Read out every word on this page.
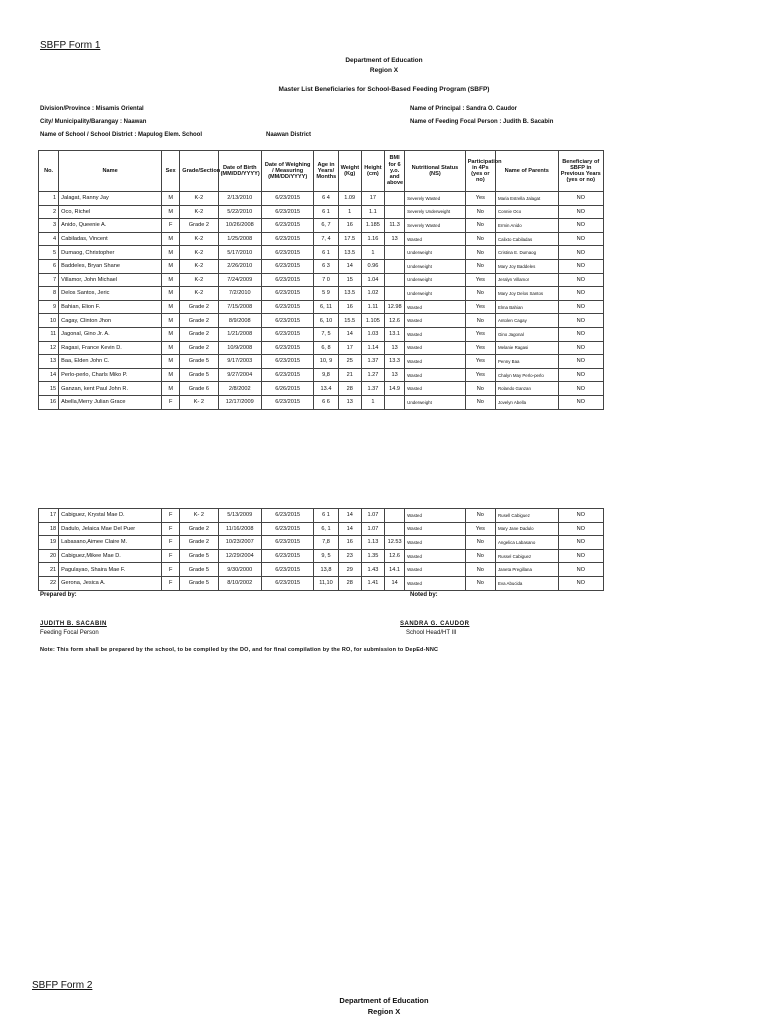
SBFP Form 1
Department of Education
Region X
Master List Beneficiaries for School-Based Feeding Program (SBFP)
Division/Province : Misamis Oriental
City/ Municipality/Barangay : Naawan
Name of School / School District : Mapulog Elem. School	Naawan District
Name of Principal : Sandra O. Caudor
Name of Feeding Focal Person : Judith B. Sacabin
No.	Name	Sex	Grade/Section	Date of Birth (MM/DD/YYYY)	Date of Weighing / Measuring (MM/DD/YYYY)	Age in Years/ Months	Weight (Kg)	Height (cm)	BMI for 6 y.o. and above	Nutritional Status (NS)	Participation in 4Ps (yes or no)	Name of Parents	Beneficiary of SBFP in Previous Years (yes or no)
1	Jalagat, Ranny Jay	M	K-2	2/13/2010	6/23/2015	6 4	1.09	17		Severely Wasted	Yes	Maria Estrella Jalagat	NO
2	Oco, Richel	M	K-2	5/22/2010	6/23/2015	6 1	1	1.1		Severely Underweight	No	Connie Oco	NO
3	Anido, Queenie A.	F	Grade 2	10/26/2008	6/23/2015	6, 7	16	1.185	11.3	Severely Wasted	No	Ermin Anido	NO
4	Cabiladas, Vincent	M	K-2	1/25/2008	6/23/2015	7, 4	17.5	1.16	13	Wasted	No	Calixto Cabiladas	NO
5	Dumaog, Christopher	M	K-2	5/17/2010	6/23/2015	6 1	13.5	1		Underweight	No	Cristina E. Dumaog	NO
6	Baddeles, Bryan Shane	M	K-2	2/26/2010	6/23/2015	6 3	14	0.96		Underweight	No	Mary Joy Baddeles	NO
7	Villamor, John Michael	M	K-2	7/24/2009	6/23/2015	7 0	15	1.04		Underweight	Yes	Jeralyn Villamor	NO
8	Delos Santos, Jeric	M	K-2	7/2/2010	6/23/2015	5 9	13.5	1.02		Underweight	No	Mary Joy Delos Santos	NO
9	Bahian, Elion F.	M	Grade 2	7/15/2008	6/23/2015	6, 11	16	1.11	12.98	Wasted	Yes	Elma Bahian	NO
10	Cagay, Clinton Jhon	M	Grade 2	8/9/2008	6/23/2015	6, 10	15.5	1.105	12.6	Wasted	No	Antolen Cagay	NO
11	Jagonal, Gino Jr. A.	M	Grade 2	1/21/2008	6/23/2015	7, 5	14	1.03	13.1	Wasted	Yes	Gino Jagonal	NO
12	Ragasi, France Kevin D.	M	Grade 2	10/9/2008	6/23/2015	6, 8	17	1.14	13	Wasted	Yes	Melanie Ragasi	NO
13	Baa, Elden John C.	M	Grade 5	9/17/2003	6/23/2015	10, 9	25	1.37	13.3	Wasted	Yes	Penny Baa	NO
14	Perlo-perlo, Charls Miko P.	M	Grade 5	9/27/2004	6/23/2015	9,8	21	1.27	13	Wasted	Yes	Chalyn May Perlo-perlo	NO
15	Ganzan, kent Paul John R.	M	Grade 6	2/8/2002	6/26/2015	13.4	28	1.37	14.9	Wasted	No	Rolando Ganzan	NO
16	Abella,Merry Julian Grace	F	K- 2	12/17/2009	6/23/2015	6 6	13	1		Underweight	No	Jovelyn Abella	NO
17	Cabiguez, Krystal Mae D.	F	K- 2	5/13/2009	6/23/2015	6 1	14	1.07		Wasted	No	Rusell Cabiguez	NO
18	Dadulo, Jelaica Mae Del Puer	F	Grade 2	11/16/2008	6/23/2015	6, 1	14	1.07		Wasted	Yes	Mary Jane Dadulo	NO
19	Labasano,Aimee Claire M.	F	Grade 2	10/23/2007	6/23/2015	7,8	16	1.13	12.53	Wasted	No	Angelica Labasano	NO
20	Cabiguez,Mikee Mae D.	F	Grade 5	12/29/2004	6/23/2015	9, 5	23	1.35	12.6	Wasted	No	Russel Cabiguez	NO
21	Pagulayao, Shaira Mae F.	F	Grade 5	9/30/2000	6/23/2015	13,8	29	1.43	14.1	Wasted	No	Janeta Pregillana	NO
22	Gerona, Jesica A.	F	Grade 5	8/10/2002	6/23/2015	11,10	28	1.41	14	Wasted	No	Eva Abucida	NO
Prepared by:	Noted by:
JUDITH B. SACABIN
Feeding Focal Person
SANDRA G. CAUDOR
School Head/HT III
Note: This form shall be prepared by the school, to be compiled by the DO, and for final compilation by the RO, for submission to DepEd-NNC
SBFP Form 2
Department of Education
Region X
